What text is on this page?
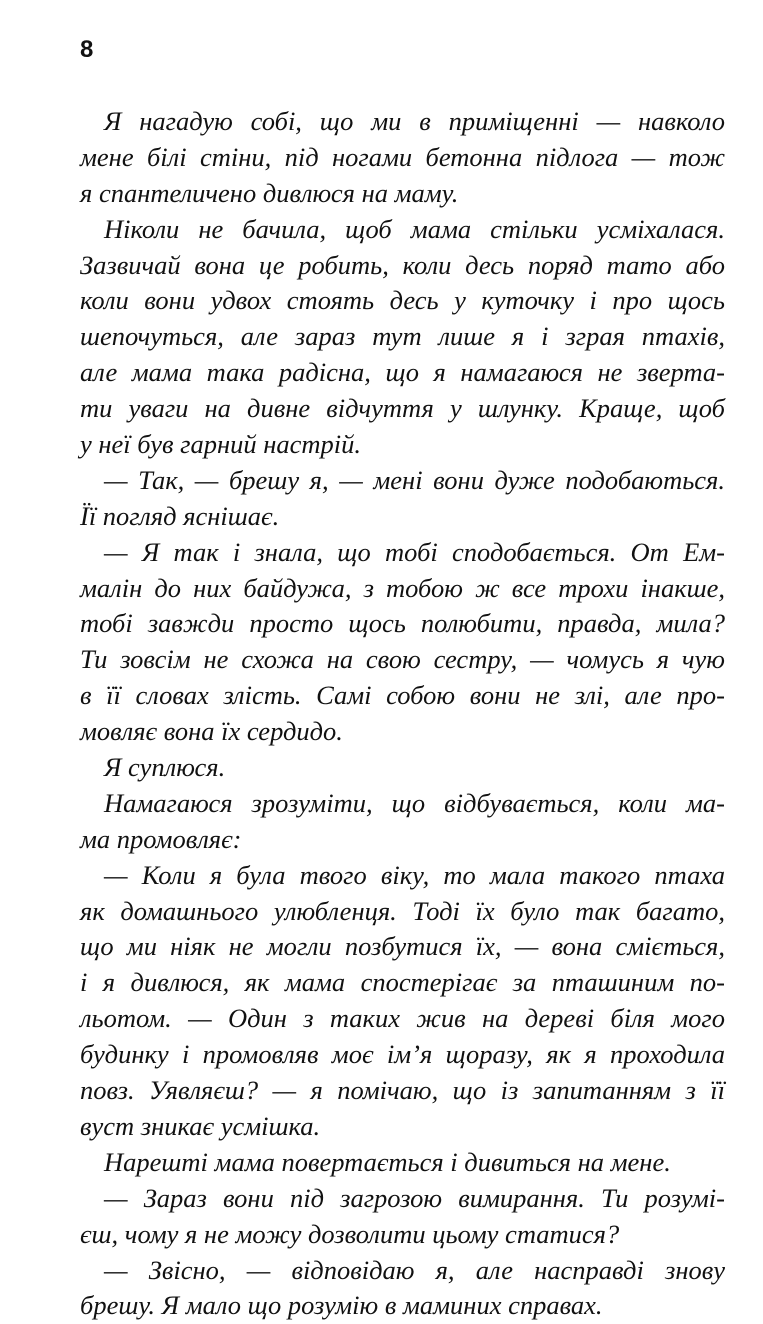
8
Я нагадую собі, що ми в приміщенні — навколо
мене білі стіни, під ногами бетонна підлога — тож
я спантеличено дивлюся на маму.
Ніколи не бачила, щоб мама стільки усміхалася.
Зазвичай вона це робить, коли десь поряд тато або
коли вони удвох стоять десь у куточку і про щось
шепочуться, але зараз тут лише я і зграя птахів,
але мама така радісна, що я намагаюся не зверта-
ти уваги на дивне відчуття у шлунку. Краще, щоб
у неї був гарний настрій.
— Так, — брешу я, — мені вони дуже подобаються.
Її погляд яснішає.
— Я так і знала, що тобі сподобається. От Ем-
малін до них байдужа, з тобою ж все трохи інакше,
тобі завжди просто щось полюбити, правда, мила?
Ти зовсім не схожа на свою сестру, — чомусь я чую
в її словах злість. Самі собою вони не злі, але про-
мовляє вона їх сердидо.
Я суплюся.
Намагаюся зрозуміти, що відбувається, коли ма-
ма промовляє:
— Коли я була твого віку, то мала такого птаха
як домашнього улюбленця. Тоді їх було так багато,
що ми ніяк не могли позбутися їх, — вона сміється,
і я дивлюся, як мама спостерігає за пташиним по-
льотом. — Один з таких жив на дереві біля мого
будинку і промовляв моє ім’я щоразу, як я проходила
повз. Уявляєш? — я помічаю, що із запитанням з її
вуст зникає усмішка.
Нарешті мама повертається і дивиться на мене.
— Зараз вони під загрозою вимирання. Ти розумі-
єш, чому я не можу дозволити цьому статися?
— Звісно, — відповідаю я, але насправді знову
брешу. Я мало що розумію в маминих справах.
